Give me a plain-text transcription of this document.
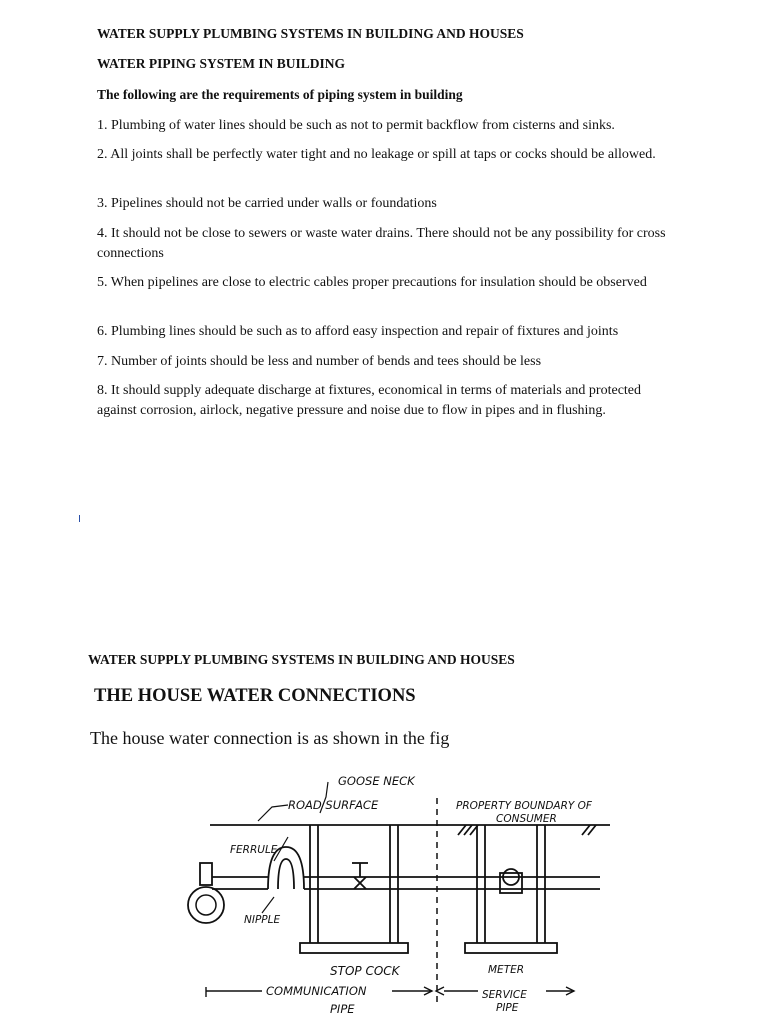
WATER SUPPLY PLUMBING SYSTEMS IN BUILDING AND HOUSES
WATER PIPING SYSTEM IN BUILDING
The following are the requirements of piping system in building
1. Plumbing of water lines should be such as not to permit backflow from cisterns and sinks.
2. All joints shall be perfectly water tight and no leakage or spill at taps or cocks should be allowed.
3. Pipelines should not be carried under walls or foundations
4. It should not be close to sewers or waste water drains. There should not be any possibility for cross connections
5. When pipelines are close to electric cables proper precautions for insulation should be observed
6. Plumbing lines should be such as to afford easy inspection and repair of fixtures and joints
7. Number of joints should be less and number of bends and tees should be less
8. It should supply adequate discharge at fixtures, economical in terms of materials and protected against corrosion, airlock, negative pressure and noise due to flow in pipes and in flushing.
WATER SUPPLY PLUMBING SYSTEMS IN BUILDING AND HOUSES
THE HOUSE WATER CONNECTIONS
The house water connection is as shown in the fig
GOOSE NECK
ROAD SURFACE	PROPERTY BOUNDARY OF
CONSUMER
FERRULE
NIPPLE
STOP COCK	METER
COMMUNICATION
PIPE
SERVICE
PIPE
